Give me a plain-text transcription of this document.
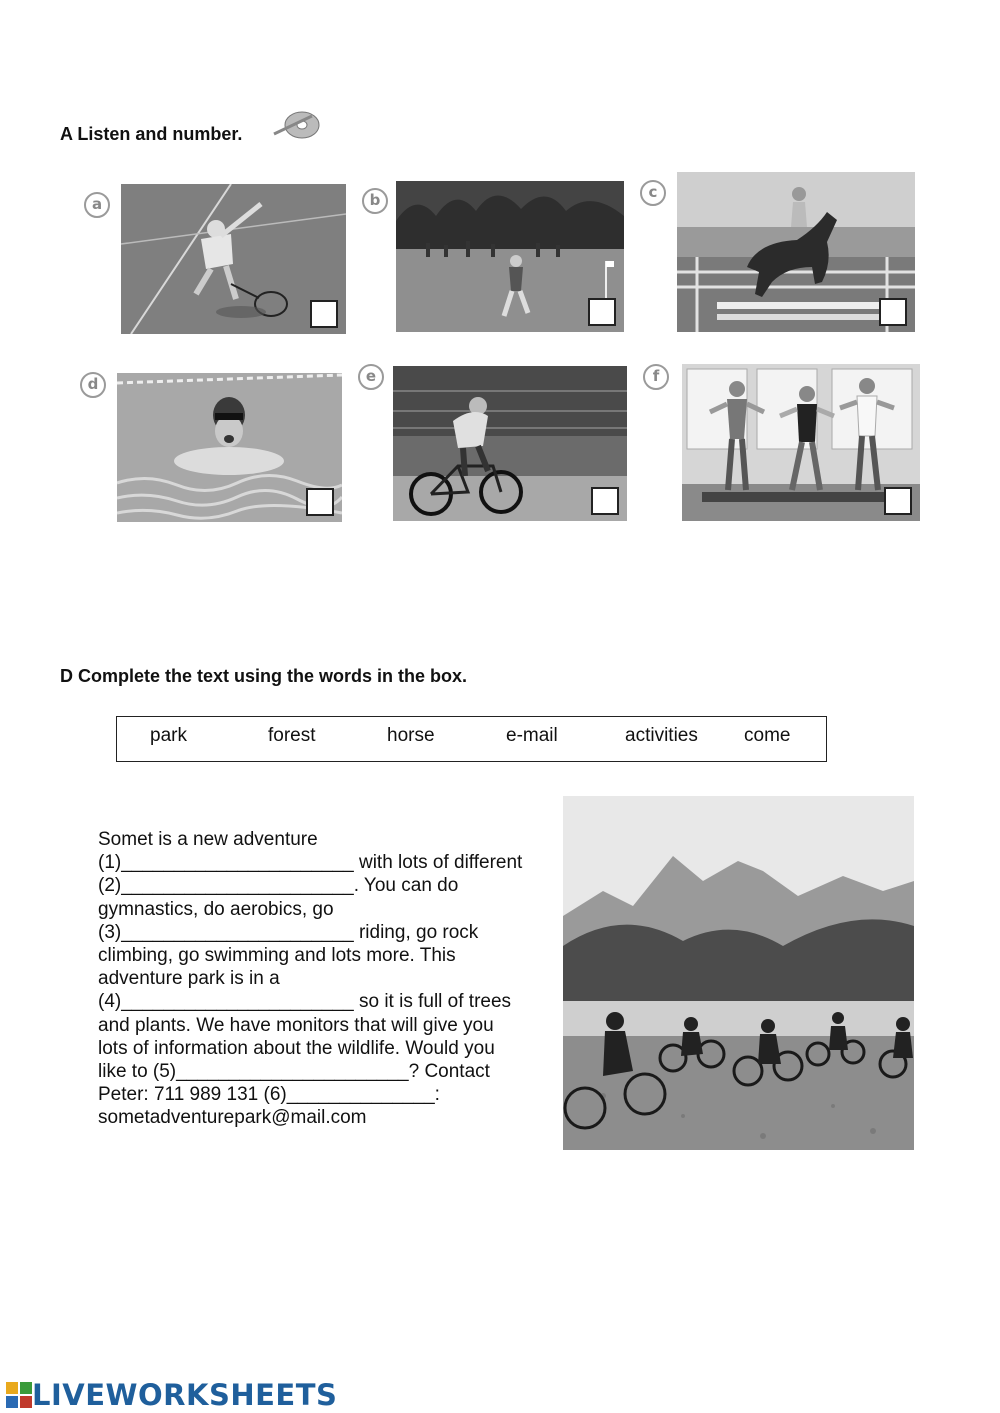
A Listen and number.
a	b	c
d	e	f
D Complete the text using the words in the box.
park	forest	horse	e-mail	activities come
Somet is a new adventure
(1)______________________ with lots of different
(2)______________________. You can do
gymnastics, do aerobics, go
(3)______________________ riding, go rock
climbing, go swimming and lots more. This
adventure park is in a
(4)______________________ so it is full of trees
and plants. We have monitors that will give you
lots of information about the wildlife. Would you
like to (5)______________________? Contact
Peter: 711 989 131 (6)______________:
sometadventurepark@mail.com
LIVEWORKSHEETS
